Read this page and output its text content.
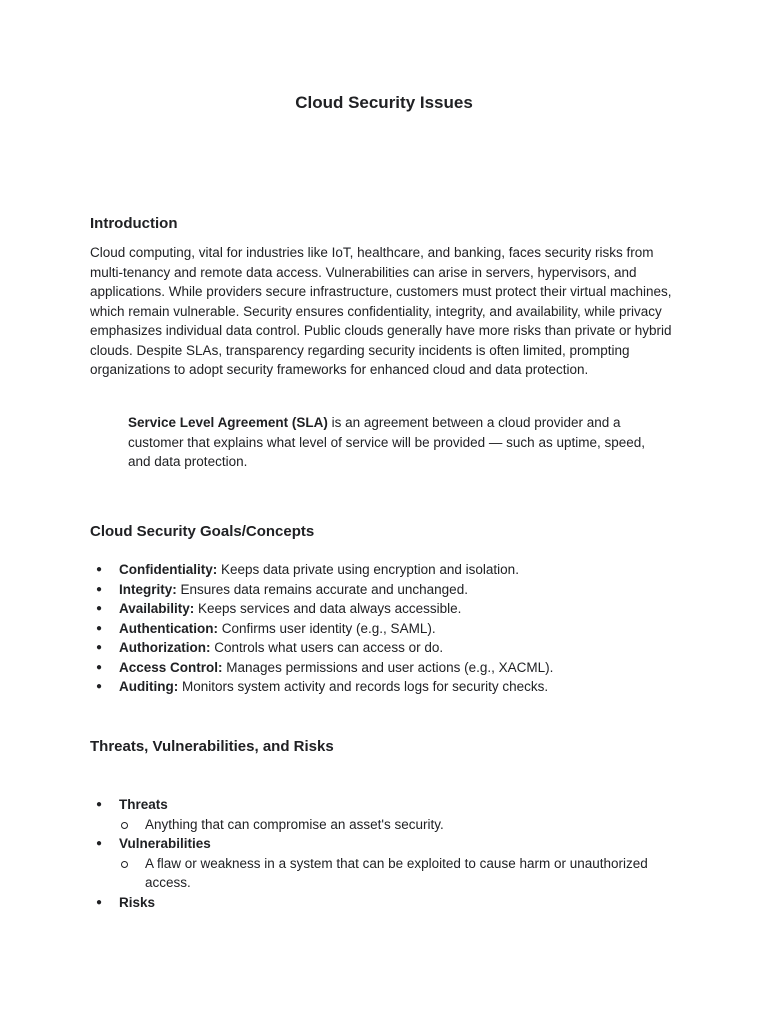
Cloud Security Issues
Introduction

Cloud computing, vital for industries like IoT, healthcare, and banking, faces security risks from multi-tenancy and remote data access. Vulnerabilities can arise in servers, hypervisors, and applications. While providers secure infrastructure, customers must protect their virtual machines, which remain vulnerable. Security ensures confidentiality, integrity, and availability, while privacy emphasizes individual data control. Public clouds generally have more risks than private or hybrid clouds. Despite SLAs, transparency regarding security incidents is often limited, prompting organizations to adopt security frameworks for enhanced cloud and data protection.

Service Level Agreement (SLA) is an agreement between a cloud provider and a customer that explains what level of service will be provided — such as uptime, speed, and data protection.

Cloud Security Goals/Concepts
● Confidentiality: Keeps data private using encryption and isolation.
● Integrity: Ensures data remains accurate and unchanged.
● Availability: Keeps services and data always accessible.
● Authentication: Confirms user identity (e.g., SAML).
● Authorization: Controls what users can access or do.
● Access Control: Manages permissions and user actions (e.g., XACML).
● Auditing: Monitors system activity and records logs for security checks.
Threats, Vulnerabilities, and Risks
● Threats
Anything that can compromise an asset's security.
● Vulnerabilities
A flaw or weakness in a system that can be exploited to cause harm or unauthorized access.
● Risks
